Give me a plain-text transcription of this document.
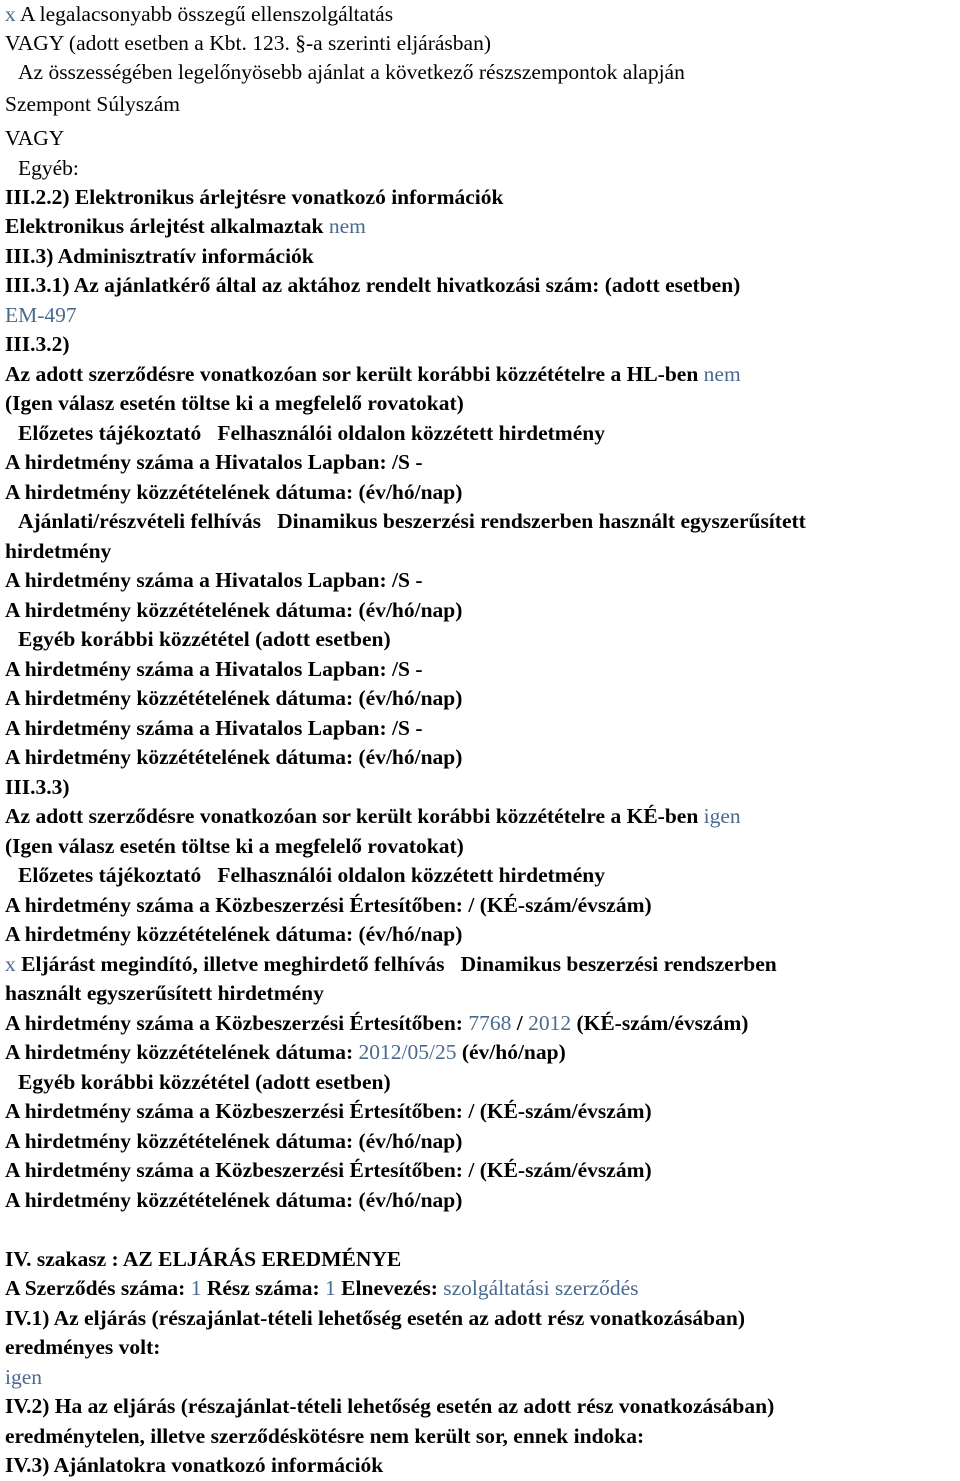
x A legalacsonyabb összegű ellenszolgáltatás
VAGY (adott esetben a Kbt. 123. §-a szerinti eljárásban)
Az összességében legelőnyösebb ajánlat a következő részszempontok alapján
Szempont Súlyszám
VAGY
Egyéb:
III.2.2) Elektronikus árlejtésre vonatkozó információk
Elektronikus árlejtést alkalmaztak nem
III.3) Adminisztratív információk
III.3.1) Az ajánlatkérő által az aktához rendelt hivatkozási szám: (adott esetben)
EM-497
III.3.2)
Az adott szerződésre vonatkozóan sor került korábbi közzétételre a HL-ben nem
(Igen válasz esetén töltse ki a megfelelő rovatokat)
Előzetes tájékoztató   Felhasználói oldalon közzétett hirdetmény
A hirdetmény száma a Hivatalos Lapban: /S -
A hirdetmény közzétételének dátuma: (év/hó/nap)
Ajánlati/részvételi felhívás   Dinamikus beszerzési rendszerben használt egyszerűsített
hirdetmény
A hirdetmény száma a Hivatalos Lapban: /S -
A hirdetmény közzétételének dátuma: (év/hó/nap)
Egyéb korábbi közzététel (adott esetben)
A hirdetmény száma a Hivatalos Lapban: /S -
A hirdetmény közzétételének dátuma: (év/hó/nap)
A hirdetmény száma a Hivatalos Lapban: /S -
A hirdetmény közzétételének dátuma: (év/hó/nap)
III.3.3)
Az adott szerződésre vonatkozóan sor került korábbi közzétételre a KÉ-ben igen
(Igen válasz esetén töltse ki a megfelelő rovatokat)
Előzetes tájékoztató   Felhasználói oldalon közzétett hirdetmény
A hirdetmény száma a Közbeszerzési Értesítőben: / (KÉ-szám/évszám)
A hirdetmény közzétételének dátuma: (év/hó/nap)
x Eljárást megindító, illetve meghirdető felhívás   Dinamikus beszerzési rendszerben
használt egyszerűsített hirdetmény
A hirdetmény száma a Közbeszerzési Értesítőben: 7768 / 2012 (KÉ-szám/évszám)
A hirdetmény közzétételének dátuma: 2012/05/25 (év/hó/nap)
Egyéb korábbi közzététel (adott esetben)
A hirdetmény száma a Közbeszerzési Értesítőben: / (KÉ-szám/évszám)
A hirdetmény közzétételének dátuma: (év/hó/nap)
A hirdetmény száma a Közbeszerzési Értesítőben: / (KÉ-szám/évszám)
A hirdetmény közzétételének dátuma: (év/hó/nap)
IV. szakasz : AZ ELJÁRÁS EREDMÉNYE
A Szerződés száma: 1 Rész száma: 1 Elnevezés: szolgáltatási szerződés
IV.1) Az eljárás (részajánlat-tételi lehetőség esetén az adott rész vonatkozásában)
eredményes volt:
igen
IV.2) Ha az eljárás (részajánlat-tételi lehetőség esetén az adott rész vonatkozásában)
eredménytelen, illetve szerződéskötésre nem került sor, ennek indoka:
IV.3) Ajánlatokra vonatkozó információk
